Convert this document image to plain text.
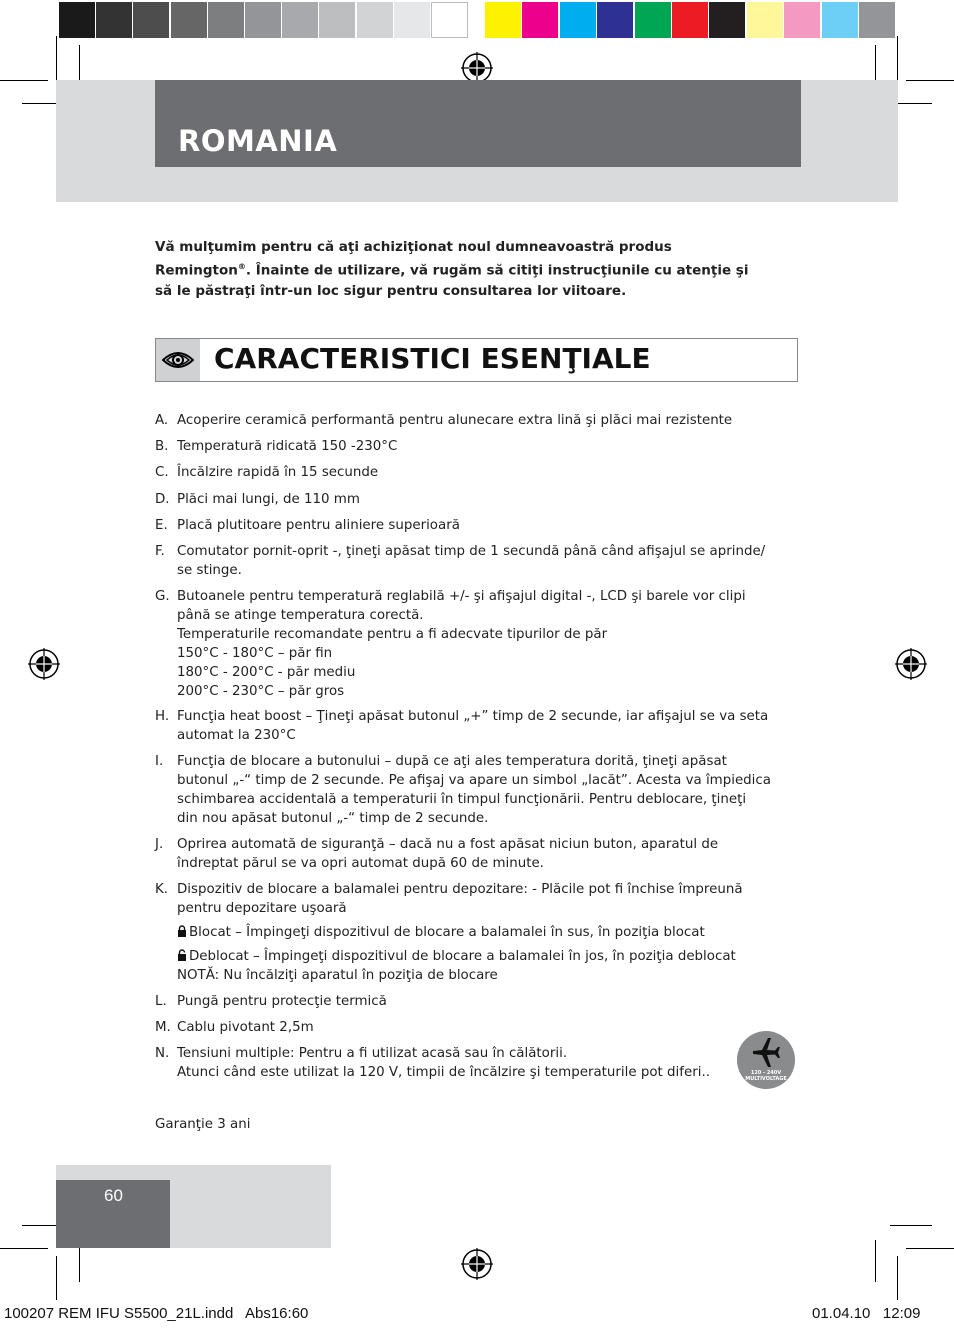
ROMANIA
Vă mulţumim pentru că aţi achiziţionat noul dumneavoastră produs
Remington®. Înainte de utilizare, vă rugăm să citiţi instrucţiunile cu atenţie şi
să le păstraţi într-un loc sigur pentru consultarea lor viitoare.
CARACTERISTICI ESENŢIALE
A. Acoperire ceramică performantă pentru alunecare extra lină şi plăci mai rezistente
B. Temperatură ridicată 150 -230°C
C. Încălzire rapidă în 15 secunde
D. Plăci mai lungi, de 110 mm
E. Placă plutitoare pentru aliniere superioară
F. Comutator pornit-oprit -, ţineţi apăsat timp de 1 secundă până când afişajul se aprinde/
se stinge.
G. Butoanele pentru temperatură reglabilă +/- şi afişajul digital -, LCD şi barele vor clipi
până se atinge temperatura corectă.
Temperaturile recomandate pentru a fi adecvate tipurilor de păr
150°C - 180°C – păr fin
180°C - 200°C - păr mediu
200°C - 230°C – păr gros
H. Funcţia heat boost – Ţineţi apăsat butonul „+” timp de 2 secunde, iar afişajul se va seta
automat la 230°C
I.	Funcţia de blocare a butonului – după ce aţi ales temperatura dorită, ţineţi apăsat
butonul „-“ timp de 2 secunde. Pe afişaj va apare un simbol „lacăt”. Acesta va împiedica
schimbarea accidentală a temperaturii în timpul funcţionării. Pentru deblocare, ţineţi
din nou apăsat butonul „-“ timp de 2 secunde.
J.	Oprirea automată de siguranţă – dacă nu a fost apăsat niciun buton, aparatul de
îndreptat părul se va opri automat după 60 de minute.
K. Dispozitiv de blocare a balamalei pentru depozitare: - Plăcile pot fi închise împreună
pentru depozitare uşoară
Blocat – Împingeţi dispozitivul de blocare a balamalei în sus, în poziţia blocat
Deblocat – Împingeţi dispozitivul de blocare a balamalei în jos, în poziţia deblocat
NOTĂ: Nu încălziţi aparatul în poziţia de blocare
L. Pungă pentru protecţie termică
M. Cablu pivotant 2,5m
N. Tensiuni multiple: Pentru a fi utilizat acasă sau în călătorii.
Atunci când este utilizat la 120 V, timpii de încălzire şi temperaturile pot diferi..	120 - 240V
MULTIVOLTAGE
Garanţie 3 ani
60
100207 REM IFU S5500_21L.indd   Abs16:60	01.04.10   12:09
